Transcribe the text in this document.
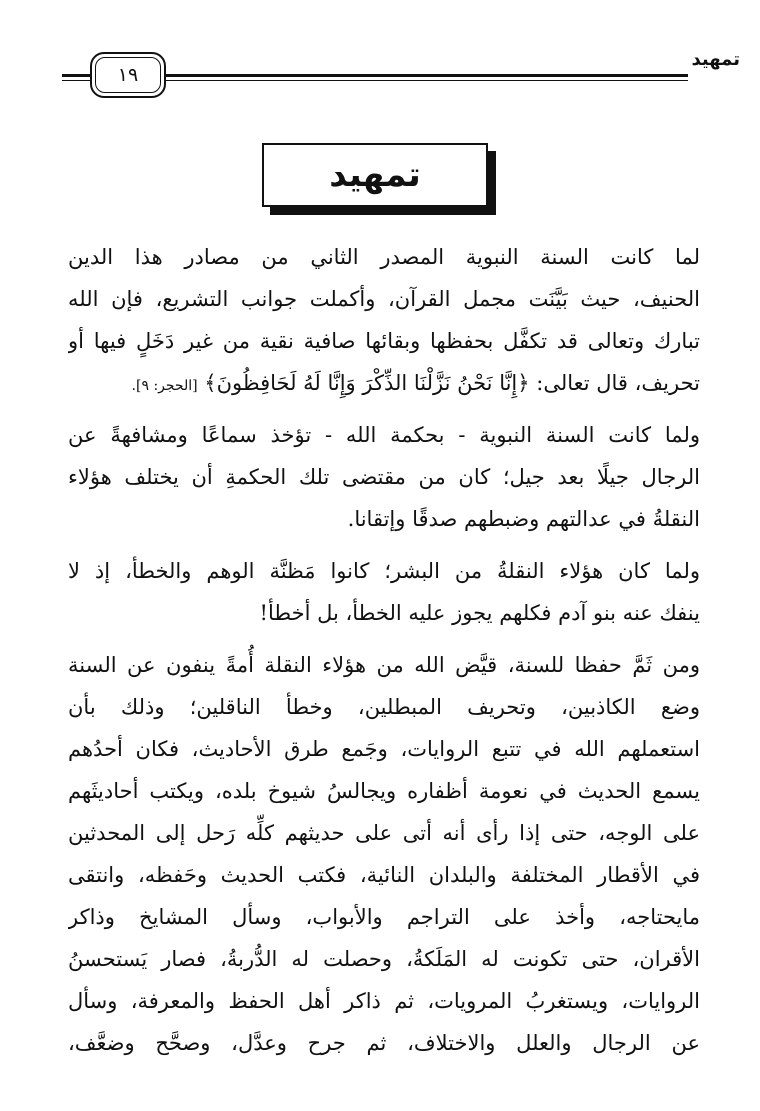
تمهيد
١٩
تمهيد
لما كانت السنة النبوية المصدر الثاني من مصادر هذا الدين
الحنيف، حيث بَيَّنَت مجمل القرآن، وأكملت جوانب التشريع، فإن الله
تبارك وتعالى قد تكفَّل بحفظها وبقائها صافية نقية من غير دَخَلٍ فيها أو
تحريف، قال تعالى: ﴿إِنَّا نَحْنُ نَزَّلْنَا الذِّكْرَ وَإِنَّا لَهُ لَحَافِظُونَ﴾ [الحجر: ٩].
ولما كانت السنة النبوية - بحكمة الله - تؤخذ سماعًا ومشافهةً عن
الرجال جيلًا بعد جيل؛ كان من مقتضى تلك الحكمةِ أن يختلف هؤلاء
النقلةُ في عدالتهم وضبطهم صدقًا وإتقانا.
ولما كان هؤلاء النقلةُ من البشر؛ كانوا مَظنَّة الوهم والخطأ، إذ لا
ينفك عنه بنو آدم فكلهم يجوز عليه الخطأ، بل أخطأ!
ومن ثَمَّ حفظا للسنة، قيَّض الله من هؤلاء النقلة أُمةً ينفون عن السنة
وضع الكاذبين، وتحريف المبطلين، وخطأ الناقلين؛ وذلك بأن
استعملهم الله في تتبع الروايات، وجَمع طرق الأحاديث، فكان أحدُهم
يسمع الحديث في نعومة أظفاره ويجالسُ شيوخ بلده، ويكتب أحاديثَهم
على الوجه، حتى إذا رأى أنه أتى على حديثهم كلِّه رَحل إلى المحدثين
في الأقطار المختلفة والبلدان النائية، فكتب الحديث وحَفظه، وانتقى
مايحتاجه، وأخذ على التراجم والأبواب، وسأل المشايخ وذاكر
الأقران، حتى تكونت له المَلَكةُ، وحصلت له الدُّربةُ، فصار يَستحسنُ
الروايات، ويستغربُ المرويات، ثم ذاكر أهل الحفظ والمعرفة، وسأل
عن الرجال والعلل والاختلاف، ثم جرح وعدَّل، وصحَّح وضعَّف،
